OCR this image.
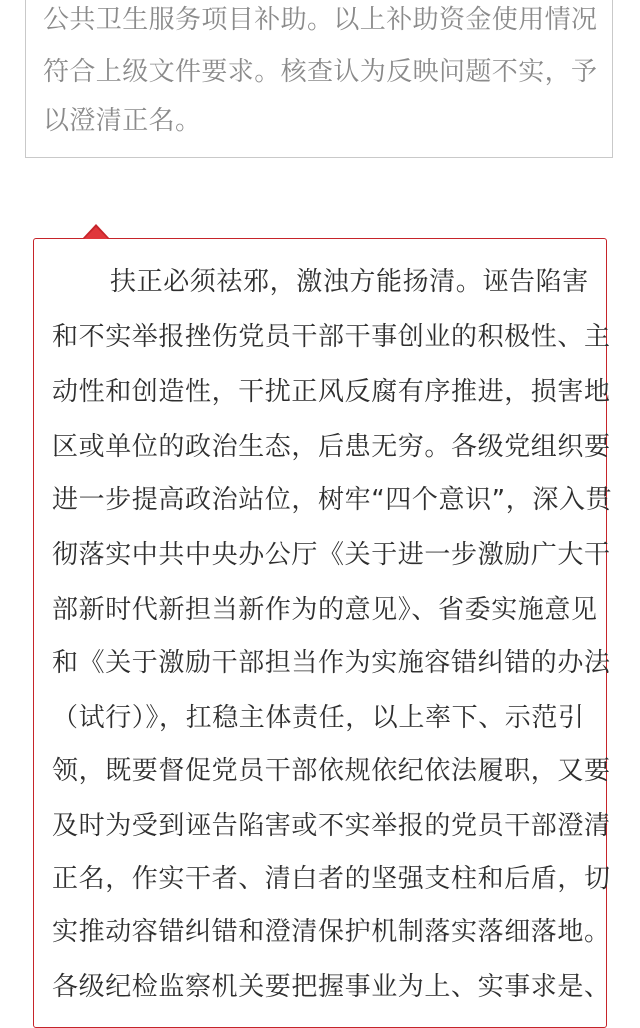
公共卫生服务项目补助。以上补助资金使用情况
符合上级文件要求。核查认为反映问题不实，予
以澄清正名。
扶正必须祛邪，激浊方能扬清。诬告陷害
和不实举报挫伤党员干部干事创业的积极性、主
动性和创造性，干扰正风反腐有序推进，损害地
区或单位的政治生态，后患无穷。各级党组织要
进一步提高政治站位，树牢“四个意识”，深入贯
彻落实中共中央办公厅《关于进一步激励广大干
部新时代新担当新作为的意见》、省委实施意见
和《关于激励干部担当作为实施容错纠错的办法
（试行）》，扛稳主体责任，以上率下、示范引
领，既要督促党员干部依规依纪依法履职，又要
及时为受到诬告陷害或不实举报的党员干部澄清
正名，作实干者、清白者的坚强支柱和后盾，切
实推动容错纠错和澄清保护机制落实落细落地。
各级纪检监察机关要把握事业为上、实事求是、
